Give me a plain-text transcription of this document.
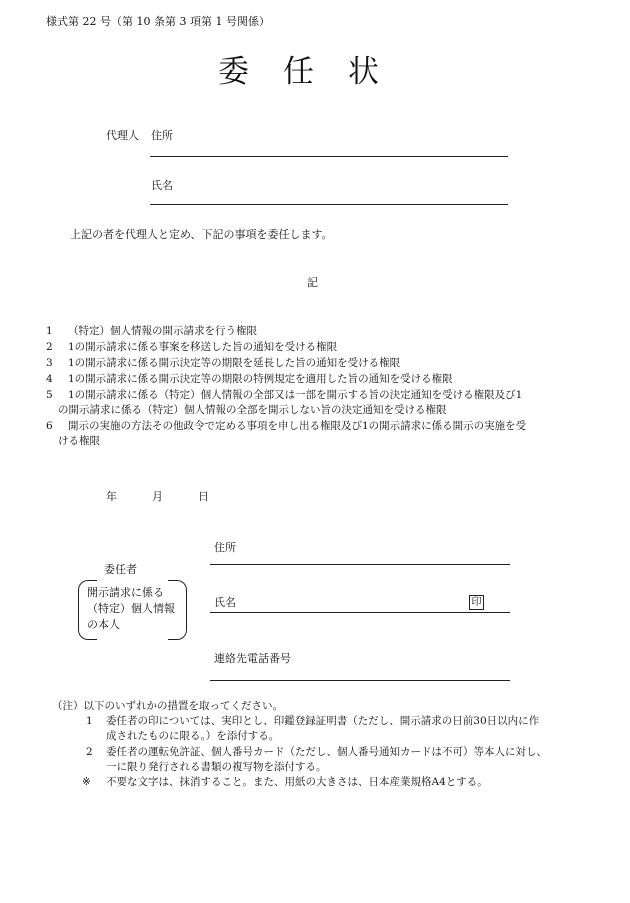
様式第 22 号（第 10 条第 3 項第 1 号関係）
委任状
代理人 住所
氏名
上記の者を代理人と定め、下記の事項を委任します。
記
1 （特定）個人情報の開示請求を行う権限
2 1の開示請求に係る事案を移送した旨の通知を受ける権限
3 1の開示請求に係る開示決定等の期限を延長した旨の通知を受ける権限
4 1の開示請求に係る開示決定等の期限の特例規定を適用した旨の通知を受ける権限
5 1の開示請求に係る（特定）個人情報の全部又は一部を開示する旨の決定通知を受ける権限及び1
の開示請求に係る（特定）個人情報の全部を開示しない旨の決定通知を受ける権限
6 開示の実施の方法その他政令で定める事項を申し出る権限及び1の開示請求に係る開示の実施を受
ける権限
年	月	日
住所
委任者
開示請求に係る
（特定）個人情報
の本人
氏名	印
連絡先電話番号
（注）以下のいずれかの措置を取ってください。
1 委任者の印については、実印とし、印鑑登録証明書（ただし、開示請求の日前30日以内に作
成されたものに限る。）を添付する。
2 委任者の運転免許証、個人番号カード（ただし、個人番号通知カードは不可）等本人に対し、
一に限り発行される書類の複写物を添付する。
※ 不要な文字は、抹消すること。また、用紙の大きさは、日本産業規格A4とする。
